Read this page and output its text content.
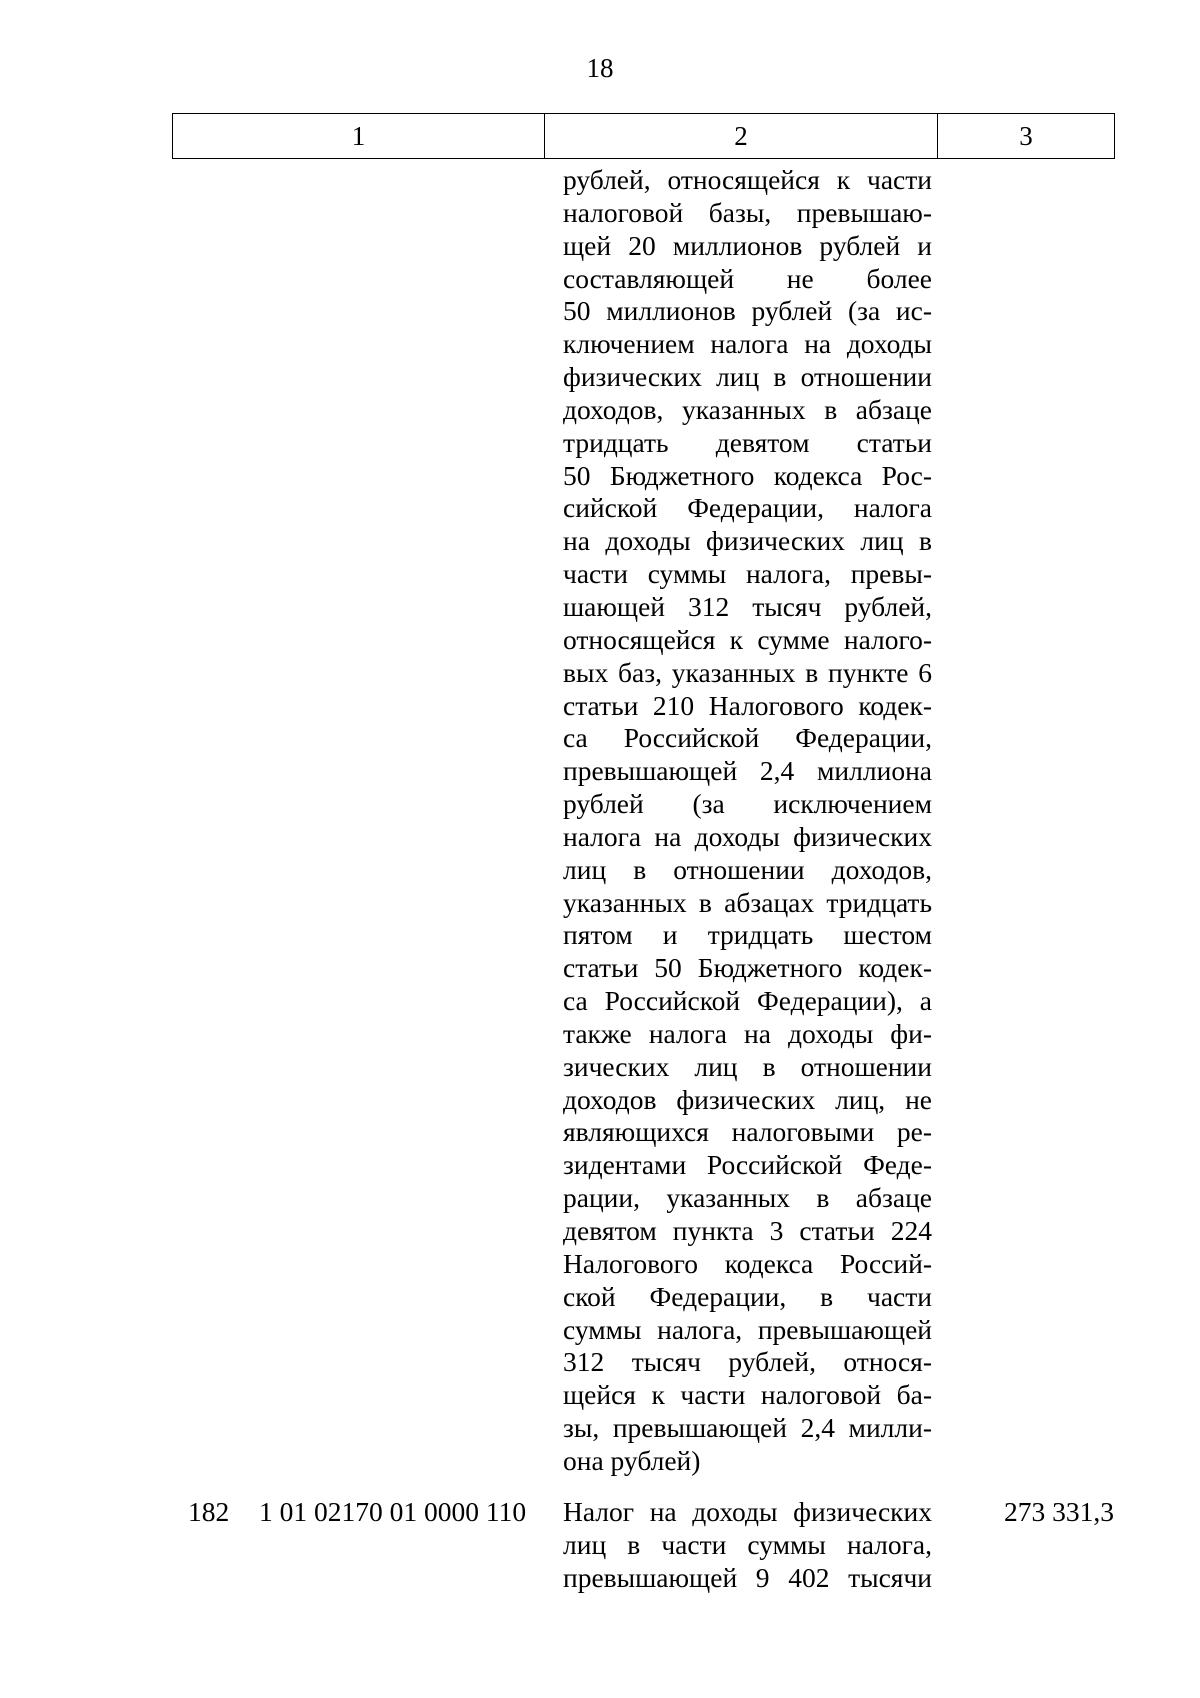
18
1	2	3
рублей, относящейся к части
налоговой базы, превышаю-
щей 20 миллионов рублей и
составляющей не более
50 миллионов рублей (за ис-
ключением налога на доходы
физических лиц в отношении
доходов, указанных в абзаце
тридцать девятом статьи
50 Бюджетного кодекса Рос-
сийской Федерации, налога
на доходы физических лиц в
части суммы налога, превы-
шающей 312 тысяч рублей,
относящейся к сумме налого-
вых баз, указанных в пункте 6
статьи 210 Налогового кодек-
са Российской Федерации,
превышающей 2,4 миллиона
рублей (за исключением
налога на доходы физических
лиц в отношении доходов,
указанных в абзацах тридцать
пятом и тридцать шестом
статьи 50 Бюджетного кодек-
са Российской Федерации), а
также налога на доходы фи-
зических лиц в отношении
доходов физических лиц, не
являющихся налоговыми ре-
зидентами Российской Феде-
рации, указанных в абзаце
девятом пункта 3 статьи 224
Налогового кодекса Россий-
ской Федерации, в части
суммы налога, превышающей
312 тысяч рублей, относя-
щейся к части налоговой ба-
зы, превышающей 2,4 милли-
она рублей)
182 1 01 02170 01 0000 110 Налог на доходы физических
лиц в части суммы налога,
превышающей 9 402 тысячи
273 331,3
